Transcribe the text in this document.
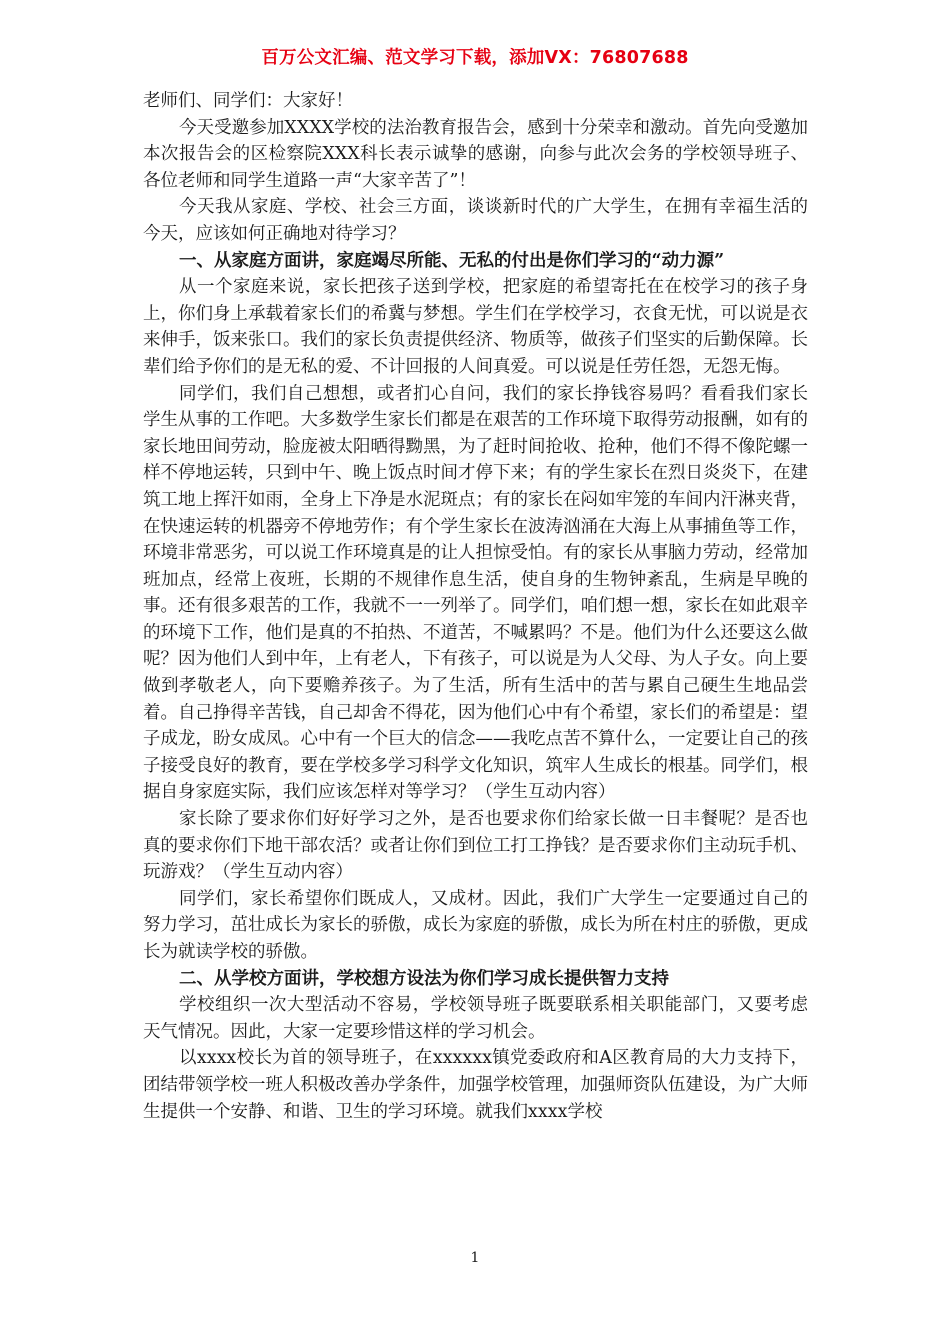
百万公文汇编、范文学习下载，添加VX：76807688

老师们、同学们：大家好！

今天受邀参加XXXX学校的法治教育报告会，感到十分荣幸和激动。首先向受邀加本次报告会的区检察院XXX科长表示诚挚的感谢，向参与此次会务的学校领导班子、各位老师和同学生道路一声“大家辛苦了”！

今天我从家庭、学校、社会三方面，谈谈新时代的广大学生，在拥有幸福生活的今天，应该如何正确地对待学习？

一、从家庭方面讲，家庭竭尽所能、无私的付出是你们学习的“动力源”

从一个家庭来说，家长把孩子送到学校，把家庭的希望寄托在在校学习的孩子身上，你们身上承载着家长们的希冀与梦想。学生们在学校学习，衣食无忧，可以说是衣来伸手，饭来张口。我们的家长负责提供经济、物质等，做孩子们坚实的后勤保障。长辈们给予你们的是无私的爱、不计回报的人间真爱。可以说是任劳任怨，无怨无悔。

同学们，我们自己想想，或者扪心自问，我们的家长挣钱容易吗？看看我们家长学生从事的工作吧。大多数学生家长们都是在艰苦的工作环境下取得劳动报酬，如有的家长地田间劳动，脸庞被太阳晒得黝黑，为了赶时间抢收、抢种，他们不得不像陀螺一样不停地运转，只到中午、晚上饭点时间才停下来；有的学生家长在烈日炎炎下，在建筑工地上挥汗如雨，全身上下净是水泥斑点；有的家长在闷如牢笼的车间内汗淋夹背，在快速运转的机器旁不停地劳作；有个学生家长在波涛汹涌在大海上从事捕鱼等工作，环境非常恶劣，可以说工作环境真是的让人担惊受怕。有的家长从事脑力劳动，经常加班加点，经常上夜班，长期的不规律作息生活，使自身的生物钟紊乱，生病是早晚的事。还有很多艰苦的工作，我就不一一列举了。同学们，咱们想一想，家长在如此艰辛的环境下工作，他们是真的不拍热、不道苦，不喊累吗？不是。他们为什么还要这么做呢？因为他们人到中年，上有老人，下有孩子，可以说是为人父母、为人子女。向上要做到孝敬老人，向下要赡养孩子。为了生活，所有生活中的苦与累自己硬生生地品尝着。自己挣得辛苦钱，自己却舍不得花，因为他们心中有个希望，家长们的希望是：望子成龙，盼女成凤。心中有一个巨大的信念——我吃点苦不算什么，一定要让自己的孩子接受良好的教育，要在学校多学习科学文化知识，筑牢人生成长的根基。同学们，根据自身家庭实际，我们应该怎样对等学习？（学生互动内容）

家长除了要求你们好好学习之外，是否也要求你们给家长做一日丰餐呢？是否也真的要求你们下地干部农活？或者让你们到位工打工挣钱？是否要求你们主动玩手机、玩游戏？（学生互动内容）

同学们，家长希望你们既成人，又成材。因此，我们广大学生一定要通过自己的努力学习，茁壮成长为家长的骄傲，成长为家庭的骄傲，成长为所在村庄的骄傲，更成长为就读学校的骄傲。

二、从学校方面讲，学校想方设法为你们学习成长提供智力支持

学校组织一次大型活动不容易，学校领导班子既要联系相关职能部门，又要考虑天气情况。因此，大家一定要珍惜这样的学习机会。

以xxxx校长为首的领导班子，在xxxxxx镇党委政府和A区教育局的大力支持下，团结带领学校一班人积极改善办学条件，加强学校管理，加强师资队伍建设，为广大师生提供一个安静、和谐、卫生的学习环境。就我们xxxx学校

1
